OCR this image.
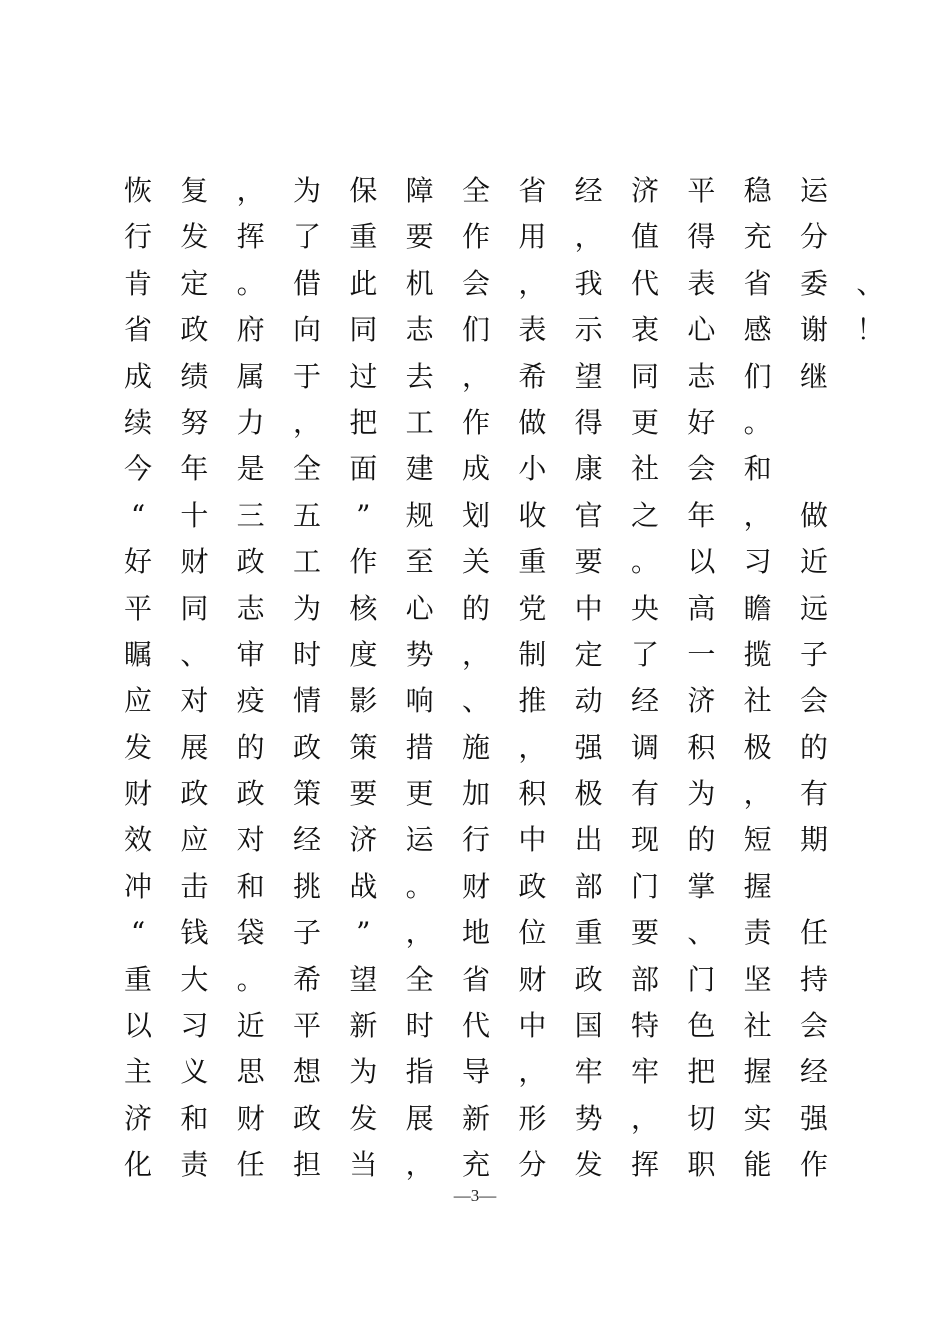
恢 复 ， 为 保 障 全 省 经 济 平 稳 运
行 发 挥 了 重 要 作 用 ， 值 得 充 分
肯 定 。 借 此 机 会 ， 我 代 表 省 委 、
省 政 府 向 同 志 们 表 示 衷 心 感 谢 ！
成 绩 属 于 过 去 ， 希 望 同 志 们 继
续 努 力 ， 把 工 作 做 得 更 好 。
今 年 是 全 面 建 成 小 康 社 会 和
“ 十 三 五 ” 规 划 收 官 之 年 ， 做
好 财 政 工 作 至 关 重 要 。 以 习 近
平 同 志 为 核 心 的 党 中 央 高 瞻 远
瞩 、 审 时 度 势 ， 制 定 了 一 揽 子
应 对 疫 情 影 响 、 推 动 经 济 社 会
发 展 的 政 策 措 施 ， 强 调 积 极 的
财 政 政 策 要 更 加 积 极 有 为 ， 有
效 应 对 经 济 运 行 中 出 现 的 短 期
冲 击 和 挑 战 。 财 政 部 门 掌 握
“ 钱 袋 子 ” ， 地 位 重 要 、 责 任
重 大 。 希 望 全 省 财 政 部 门 坚 持
以 习 近 平 新 时 代 中 国 特 色 社 会
主 义 思 想 为 指 导 ， 牢 牢 把 握 经
济 和 财 政 发 展 新 形 势 ， 切 实 强
化 责 任 担 当 ， 充 分 发 挥 职 能 作
—3—
